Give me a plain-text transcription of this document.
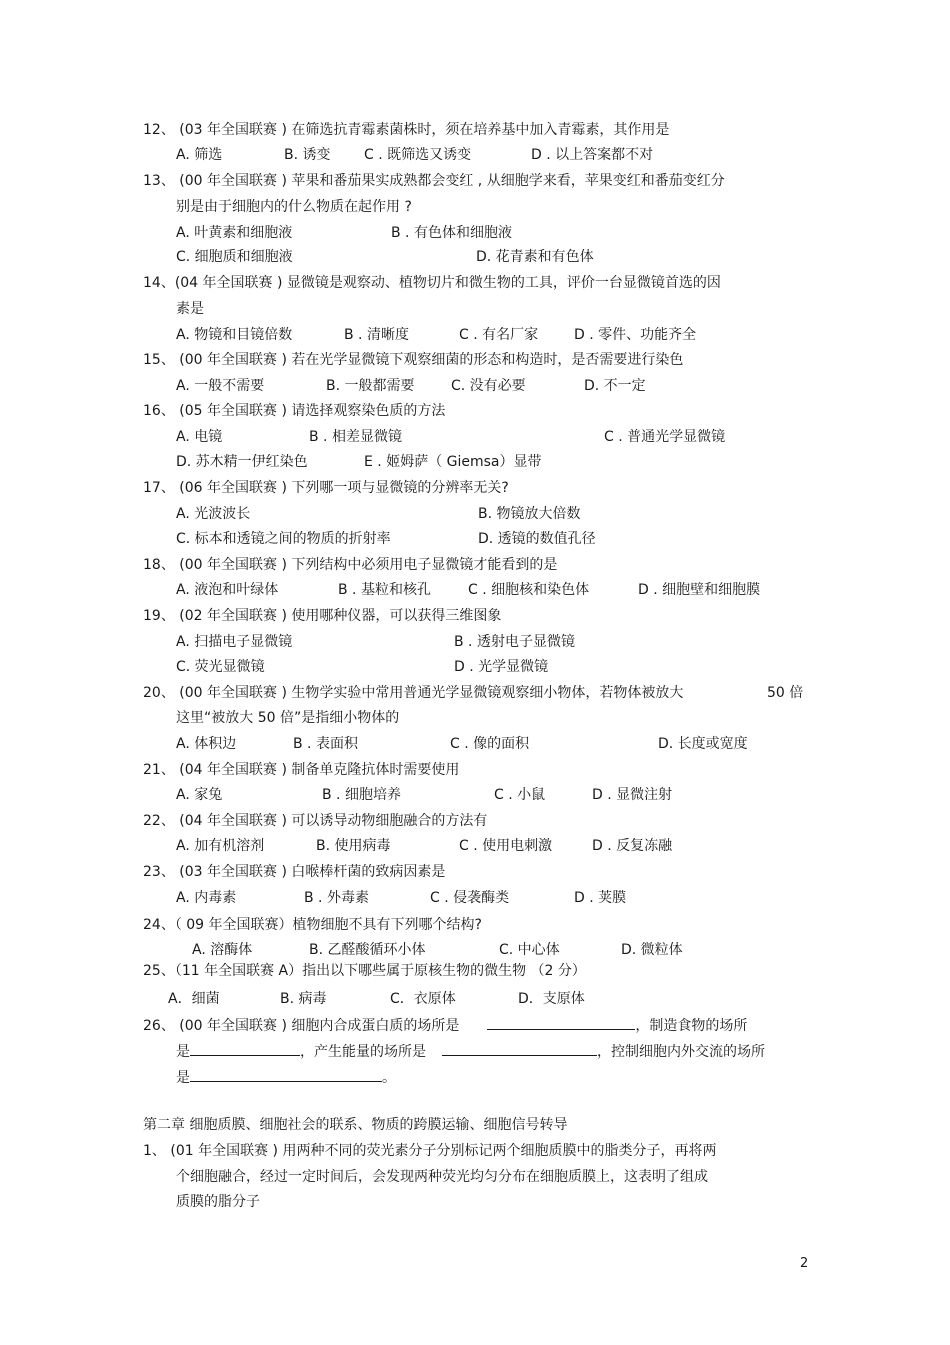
12、 (03 年全国联赛 ) 在筛选抗青霉素菌株时，须在培养基中加入青霉素，其作用是
A. 筛选	B. 诱变 C . 既筛选又诱变	D . 以上答案都不对
13、 (00 年全国联赛 ) 苹果和番茄果实成熟都会变红 , 从细胞学来看，苹果变红和番茄变红分
别是由于细胞内的什么物质在起作用 ?
A. 叶黄素和细胞液	B . 有色体和细胞液
C. 细胞质和细胞液	D. 花青素和有色体
14、(04 年全国联赛 ) 显微镜是观察动、植物切片和微生物的工具，评价一台显微镜首选的因
素是
A. 物镜和目镜倍数	B . 清晰度	C . 有名厂家	D . 零件、功能齐全
15、 (00 年全国联赛 ) 若在光学显微镜下观察细菌的形态和构造时，是否需要进行染色
A. 一般不需要	B. 一般都需要	C. 没有必要	D. 不一定
16、 (05 年全国联赛 ) 请选择观察染色质的方法
A. 电镜	B . 相差显微镜	C . 普通光学显微镜
D. 苏木精一伊红染色	E . 姬姆萨（ Giemsa）显带
17、 (06 年全国联赛 ) 下列哪一项与显微镜的分辨率无关?
A. 光波波长	B. 物镜放大倍数
C. 标本和透镜之间的物质的折射率	D. 透镜的数值孔径
18、 (00 年全国联赛 ) 下列结构中必须用电子显微镜才能看到的是
A. 液泡和叶绿体	B . 基粒和核孔	C . 细胞核和染色体	D . 细胞壁和细胞膜
19、 (02 年全国联赛 ) 使用哪种仪器，可以获得三维图象
A. 扫描电子显微镜	B . 透射电子显微镜
C. 荧光显微镜	D . 光学显微镜
20、 (00 年全国联赛 ) 生物学实验中常用普通光学显微镜观察细小物体，若物体被放大	50 倍
这里“被放大 50 倍”是指细小物体的
A. 体积边	B . 表面积	C . 像的面积	D. 长度或宽度
21、 (04 年全国联赛 ) 制备单克隆抗体时需要使用
A. 家兔	B . 细胞培养	C . 小鼠	D . 显微注射
22、 (04 年全国联赛 ) 可以诱导动物细胞融合的方法有
A. 加有机溶剂	B. 使用病毒	C . 使用电刺激	D . 反复冻融
23、 (03 年全国联赛 ) 白喉棒杆菌的致病因素是
A. 内毒素	B . 外毒素	C . 侵袭酶类	D . 荚膜
24、（ 09 年全国联赛）植物细胞不具有下列哪个结构?
A. 溶酶体	B. 乙醛酸循环小体	C. 中心体	D. 微粒体
25、（11 年全国联赛 A）指出以下哪些属于原核生物的微生物 （2 分）
A．细菌	B. 病毒	C．衣原体	D．支原体
26、 (00 年全国联赛 ) 细胞内合成蛋白质的场所是	，制造食物的场所
是	，产生能量的场所是	，控制细胞内外交流的场所
是	。
第二章 细胞质膜、细胞社会的联系、物质的跨膜运输、细胞信号转导
1、 (01 年全国联赛 ) 用两种不同的荧光素分子分别标记两个细胞质膜中的脂类分子，再将两
个细胞融合，经过一定时间后，会发现两种荧光均匀分布在细胞质膜上，这表明了组成
质膜的脂分子
2
